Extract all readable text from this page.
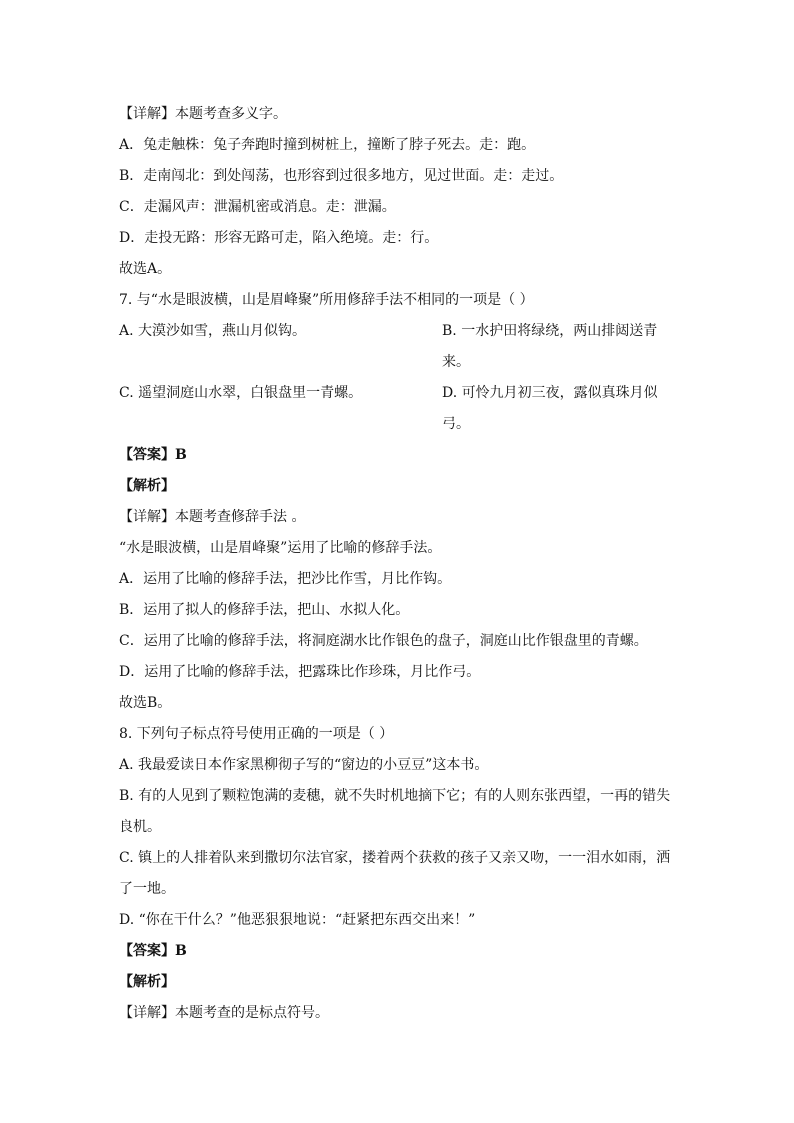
【详解】本题考查多义字。
A．兔走触株：兔子奔跑时撞到树桩上，撞断了脖子死去。走：跑。
B．走南闯北：到处闯荡，也形容到过很多地方，见过世面。走：走过。
C．走漏风声：泄漏机密或消息。走：泄漏。
D．走投无路：形容无路可走，陷入绝境。走：行。
故选A。
7. 与“水是眼波横，山是眉峰聚”所用修辞手法不相同的一项是（ ）
A. 大漠沙如雪，燕山月似钩。	B. 一水护田将绿绕，两山排闼送青来。
C. 遥望洞庭山水翠，白银盘里一青螺。	D. 可怜九月初三夜，露似真珠月似弓。
【答案】B
【解析】
【详解】本题考查修辞手法 。
“水是眼波横，山是眉峰聚”运用了比喻的修辞手法。
A．运用了比喻的修辞手法，把沙比作雪，月比作钩。
B．运用了拟人的修辞手法，把山、水拟人化。
C．运用了比喻的修辞手法，将洞庭湖水比作银色的盘子，洞庭山比作银盘里的青螺。
D．运用了比喻的修辞手法，把露珠比作珍珠，月比作弓。
故选B。
8. 下列句子标点符号使用正确的一项是（ ）
A. 我最爱读日本作家黑柳彻子写的“窗边的小豆豆”这本书。
B. 有的人见到了颗粒饱满的麦穗，就不失时机地摘下它；有的人则东张西望，一再的错失良机。
C. 镇上的人排着队来到撒切尔法官家，搂着两个获救的孩子又亲又吻，一一泪水如雨，洒了一地。
D. “你在干什么？”他恶狠狠地说：“赶紧把东西交出来！”
【答案】B
【解析】
【详解】本题考查的是标点符号。
